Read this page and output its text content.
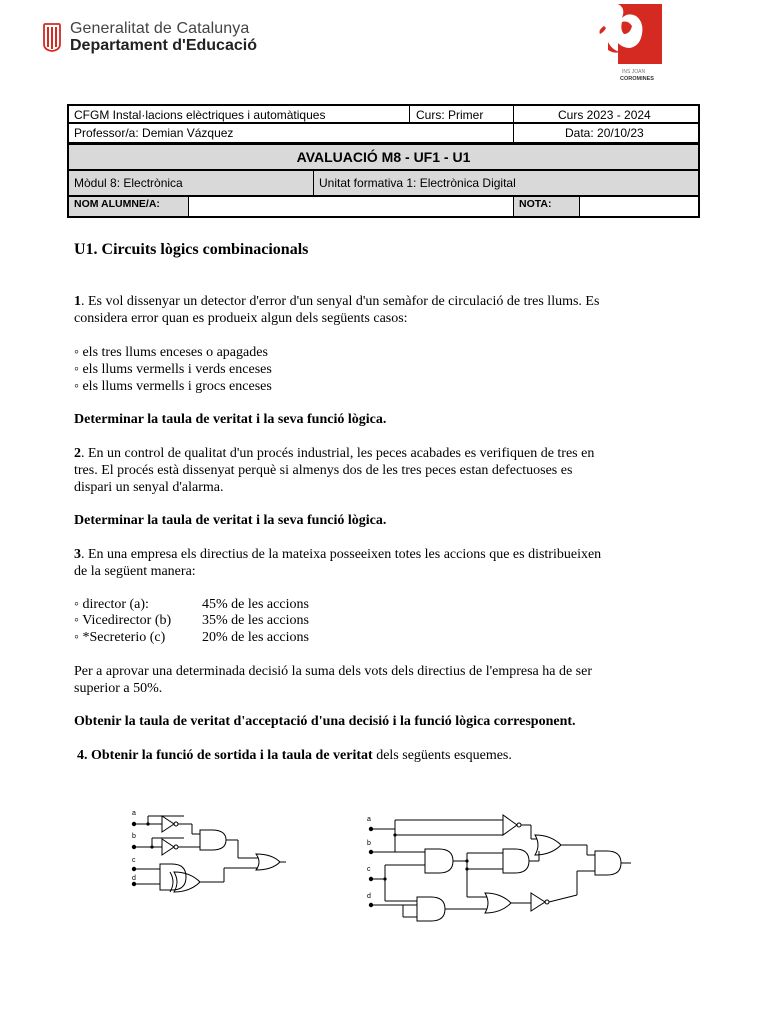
Generalitat de Catalunya
Departament d'Educació
INS JOAN
COROMINES
CFGM Instal·lacions elèctriques i automàtiques	Curs: Primer	Curs 2023 - 2024
Professor/a: Demian Vázquez	Data: 20/10/23
AVALUACIÓ M8 - UF1 - U1
Mòdul 8: Electrònica	Unitat formativa 1: Electrònica Digital
NOM ALUMNE/A:	NOTA:
U1. Circuits lògics combinacionals
1. Es vol dissenyar un detector d'error d'un senyal d'un semàfor de circulació de tres llums. Es
considera error quan es produeix algun dels següents casos:
◦ els tres llums enceses o apagades
◦ els llums vermells i verds enceses
◦ els llums vermells i grocs enceses
Determinar la taula de veritat i la seva funció lògica.
2. En un control de qualitat d'un procés industrial, les peces acabades es verifiquen de tres en
tres. El procés està dissenyat perquè si almenys dos de les tres peces estan defectuoses es
dispari un senyal d'alarma.
Determinar la taula de veritat i la seva funció lògica.
3. En una empresa els directius de la mateixa posseeixen totes les accions que es distribueixen
de la següent manera:
◦ director (a):	45% de les accions
◦ Vicedirector (b) 35% de les accions
◦ *Secreterio (c)	20% de les accions
Per a aprovar una determinada decisió la suma dels vots dels directius de l'empresa ha de ser
superior a 50%.
Obtenir la taula de veritat d'acceptació d'una decisió i la funció lògica corresponent.
4. Obtenir la funció de sortida i la taula de veritat dels següents esquemes.
a
b
c
d
a
b
c
d
